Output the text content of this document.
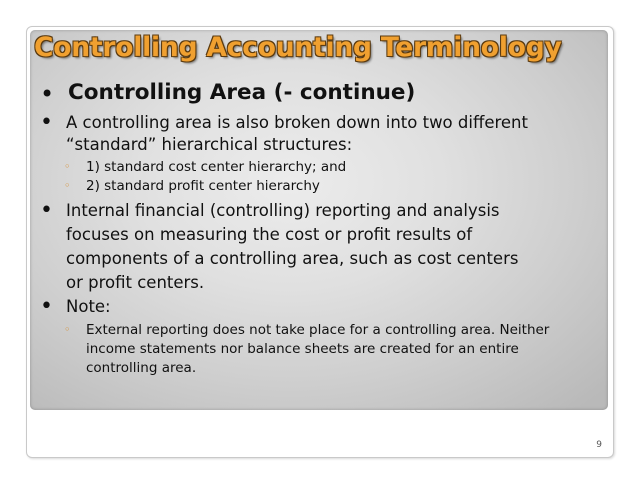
Controlling Accounting Terminology
• Controlling Area (- continue)
• A controlling area is also broken down into two different
“standard” hierarchical structures:
◦ 1) standard cost center hierarchy; and
◦ 2) standard profit center hierarchy
• Internal financial (controlling) reporting and analysis
focuses on measuring the cost or profit results of
components of a controlling area, such as cost centers
or profit centers.
• Note:
◦ External reporting does not take place for a controlling area. Neither
income statements nor balance sheets are created for an entire
controlling area.
9
